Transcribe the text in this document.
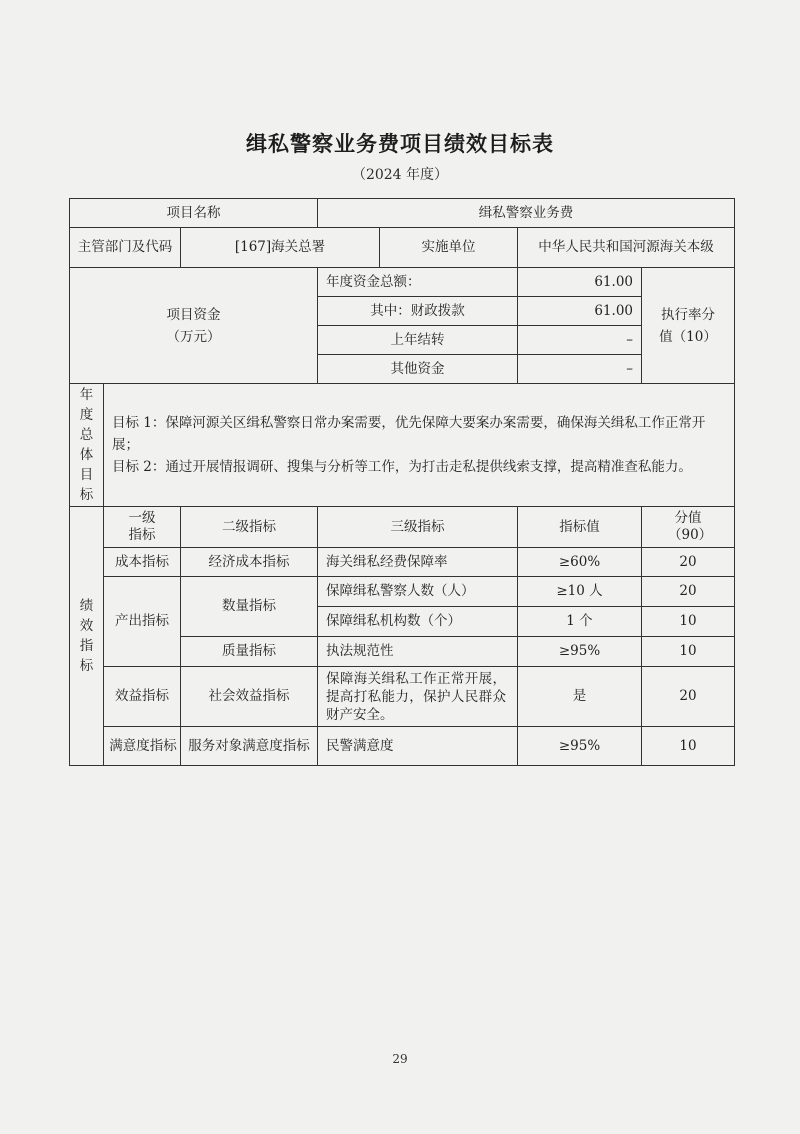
缉私警察业务费项目绩效目标表
（2024 年度）
项目名称			缉私警察业务费			
主管部门及代码		[167]海关总署		实施单位	中华人民共和国河源海关本级	

项目资金（万元）			年度资金总额：		61.00	执行率分值（10）

			其中：财政拨款		61.00	
			上年结转		–	
			其他资金		–	

年度总体目标	目标 1：保障河源关区缉私警察日常办案需要，优先保障大要案办案需要，确保海关缉私工作正常开展；
目标 2：通过开展情报调研、搜集与分析等工作，为打击走私提供线索支撑，提高精准查私能力。					

绩效指标	一级指标	二级指标	三级指标		指标值	分值（90）

	成本指标	经济成本指标	海关缉私经费保障率		≥60%	20
	产出指标	数量指标	保障缉私警察人数（人）		≥10 人	20
			保障缉私机构数（个）		1 个	10
		质量指标	执法规范性		≥95%	10
	效益指标	社会效益指标	保障海关缉私工作正常开展，提高打私能力，保护人民群众财产安全。		是	20

	满意度指标	服务对象满意度指标	民警满意度		≥95%	10
29
